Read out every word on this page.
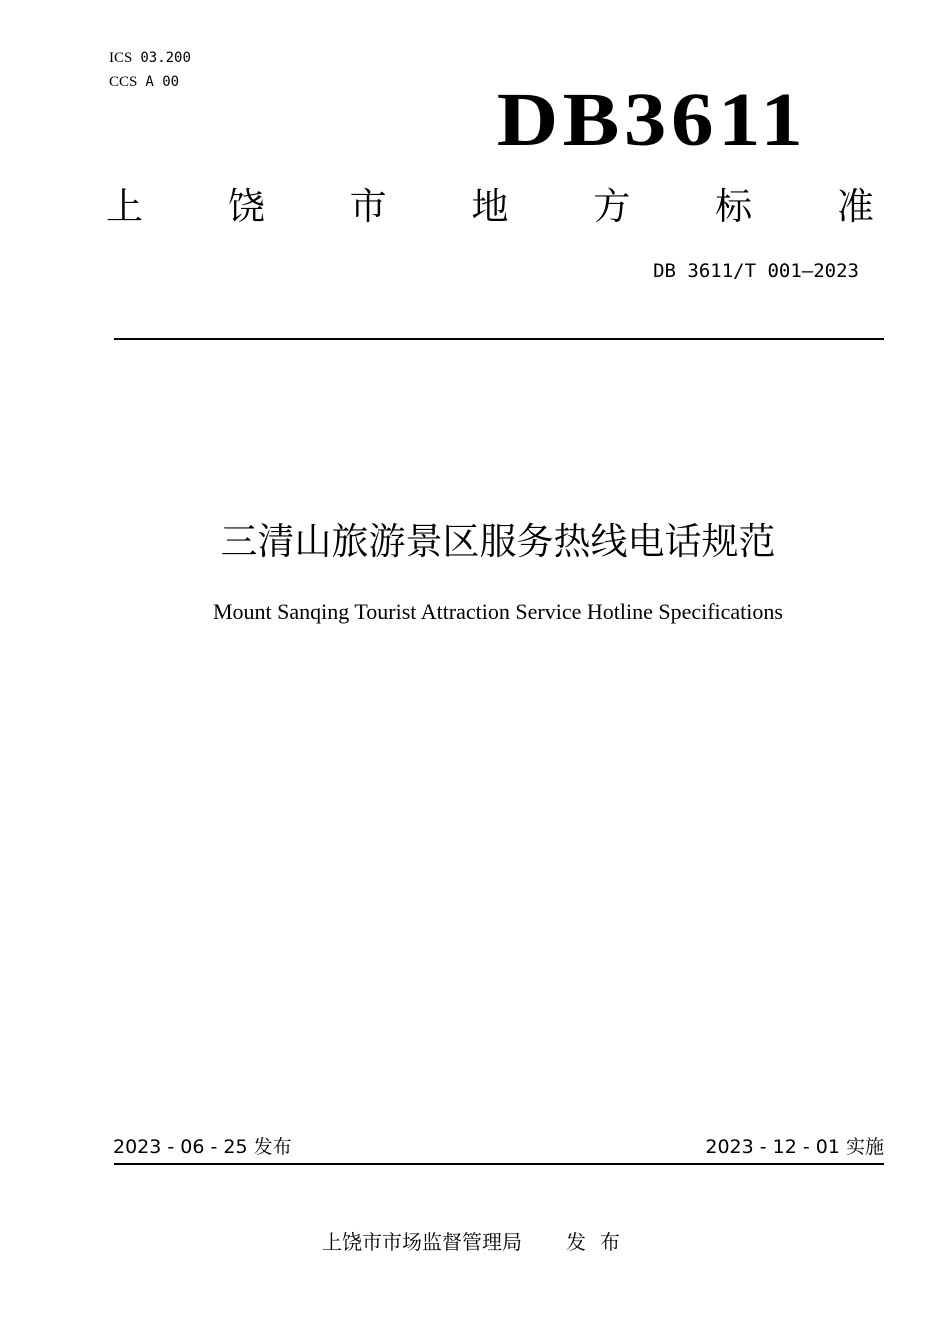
ICS 03.200
CCS A 00	DB3611
上 饶 市 地 方 标 准
DB 3611/T 001—2023
三清山旅游景区服务热线电话规范
Mount Sanqing Tourist Attraction Service Hotline Specifications
2023 - 06 - 25 发布	2023 - 12 - 01 实施
上饶市市场监督管理局 发布
